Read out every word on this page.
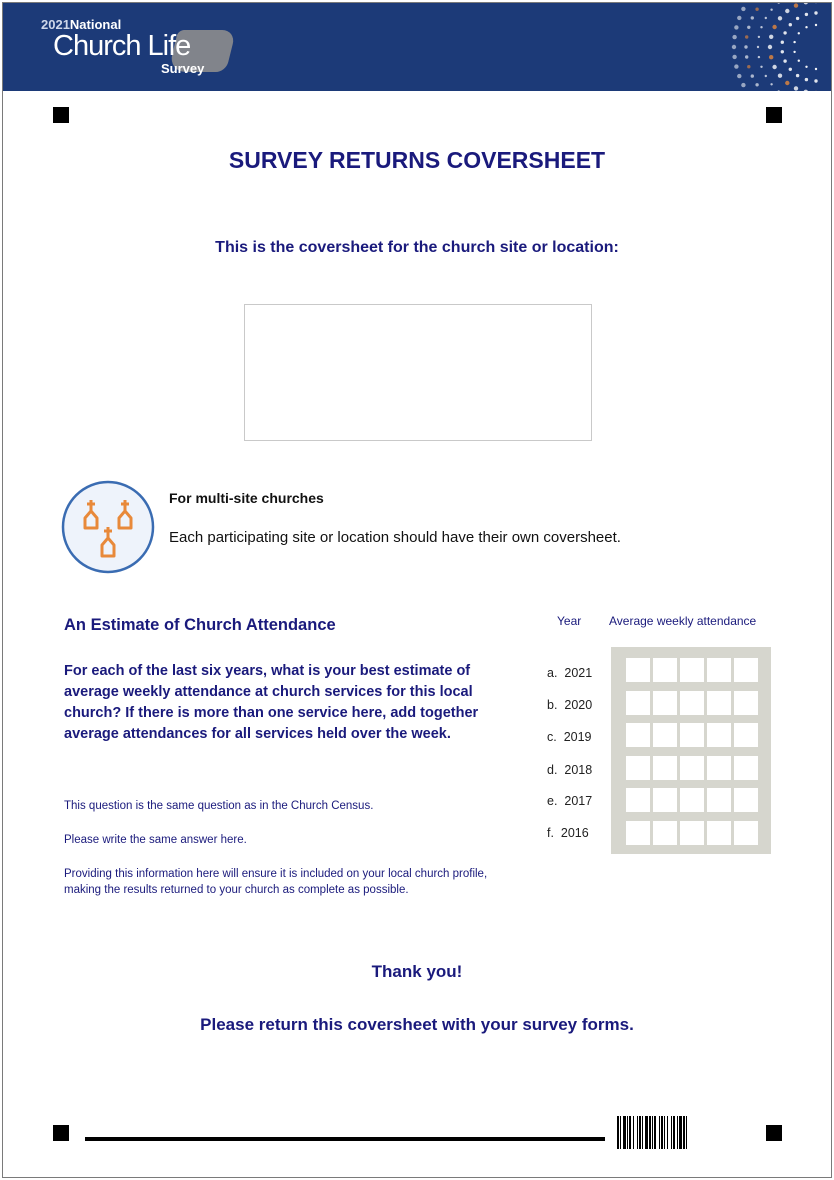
2021National
Church Life
Survey
SURVEY RETURNS COVERSHEET
This is the coversheet for the church site or location:
For multi-site churches
Each participating site or location should have their own coversheet.
An Estimate of Church Attendance
For each of the last six years, what is your best estimate of average weekly attendance at church services for this local church? If there is more than one service here, add together average attendances for all services held over the week.
This question is the same question as in the Church Census.
Please write the same answer here.
Providing this information here will ensure it is included on your local church profile, making the results returned to your church as complete as possible.
Year Average weekly attendance
a. 2021
b. 2020
c. 2019
d. 2018
e. 2017
f. 2016
Thank you!
Please return this coversheet with your survey forms.
